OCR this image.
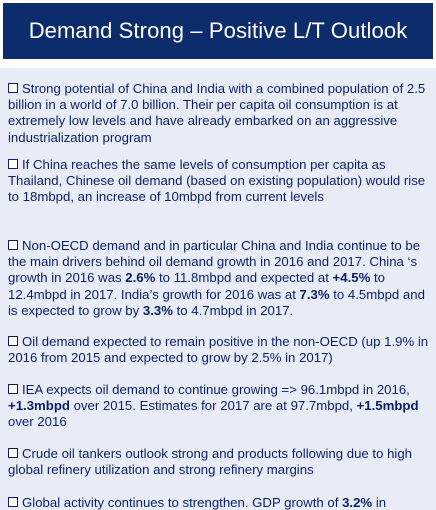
Demand Strong – Positive L/T Outlook
Strong potential of China and India with a combined population of 2.5 billion in a world of 7.0 billion. Their per capita oil consumption is at extremely low levels and have already embarked on an aggressive industrialization program
If China reaches the same levels of consumption per capita as Thailand, Chinese oil demand (based on existing population) would rise to 18mbpd, an increase of 10mbpd from current levels
Non-OECD demand and in particular China and India continue to be the main drivers behind oil demand growth in 2016 and 2017. China ‘s growth in 2016 was 2.6% to 11.8mbpd and expected at +4.5% to 12.4mbpd in 2017. India’s growth for 2016 was at 7.3% to 4.5mbpd and is expected to grow by 3.3% to 4.7mbpd in 2017.
Oil demand expected to remain positive in the non-OECD (up 1.9% in 2016 from 2015 and expected to grow by 2.5% in 2017)
IEA expects oil demand to continue growing => 96.1mbpd in 2016, +1.3mbpd over 2015. Estimates for 2017 are at 97.7mbpd, +1.5mbpd over 2016
Crude oil tankers outlook strong and products following due to high global refinery utilization and strong refinery margins
Global activity continues to strengthen. GDP growth of 3.2% in
